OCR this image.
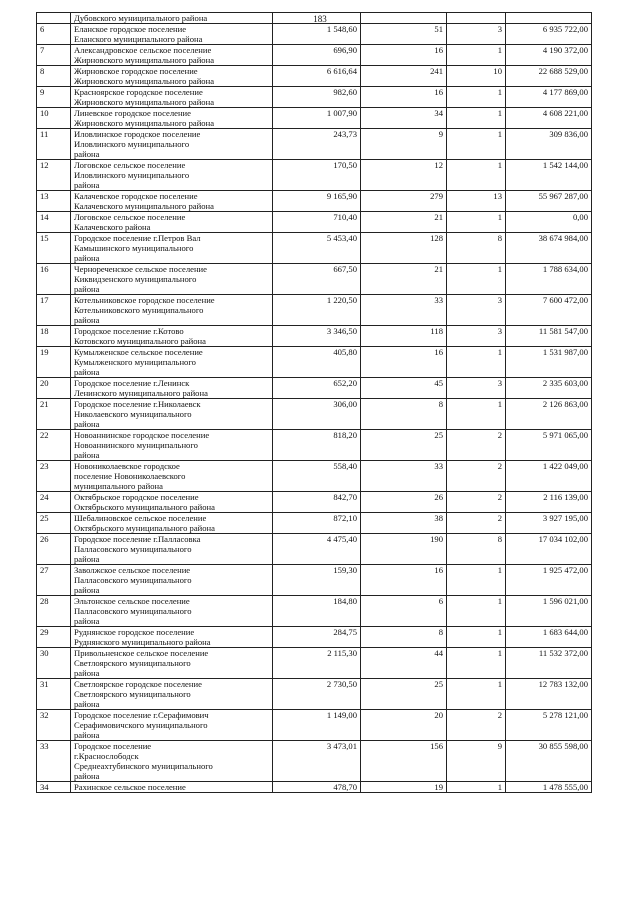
183
	Дубовского муниципального района				
6	Еланское городское поселение
Еланского муниципального района	1 548,60	51	3	6 935 722,00
7	Александровское сельское поселение
Жирновского муниципального района	696,90	16	1	4 190 372,00
8	Жирновское городское поселение
Жирновского муниципального района	6 616,64	241	10	22 688 529,00
9	Красноярское городское поселение
Жирновского муниципального района	982,60	16	1	4 177 869,00
10	Линевское городское поселение
Жирновского муниципального района	1 007,90	34	1	4 608 221,00
11	Иловлинское городское поселение
Иловлинского муниципального
района	243,73	9	1	309 836,00
12	Логовское сельское поселение
Иловлинского муниципального
района	170,50	12	1	1 542 144,00
13	Калачевское городское поселение
Калачевского муниципального района	9 165,90	279	13	55 967 287,00
14	Логовское сельское поселение
Калачевского района	710,40	21	1	0,00
15	Городское поселение г.Петров Вал
Камышинского муниципального
района	5 453,40	128	8	38 674 984,00
16	Чернореченское сельское поселение
Киквидзенского муниципального
района	667,50	21	1	1 788 634,00
17	Котельниковское городское поселение
Котельниковского муниципального
района	1 220,50	33	3	7 600 472,00
18	Городское поселение г.Котово
Котовского муниципального района	3 346,50	118	3	11 581 547,00
19	Кумылженское сельское поселение
Кумылженского муниципального
района	405,80	16	1	1 531 987,00
20	Городское поселение г.Ленинск
Ленинского муниципального района	652,20	45	3	2 335 603,00
21	Городское поселение г.Николаевск
Николаевского муниципального
района	306,00	8	1	2 126 863,00
22	Новоаннинское городское поселение
Новоаннинского муниципального
района	818,20	25	2	5 971 065,00
23	Новониколаевское городское
поселение Новониколаевского
муниципального района	558,40	33	2	1 422 049,00
24	Октябрьское городское поселение
Октябрьского муниципального района	842,70	26	2	2 116 139,00
25	Шебалиновское сельское поселение
Октябрьского муниципального района	872,10	38	2	3 927 195,00
26	Городское поселение г.Палласовка
Палласовского муниципального
района	4 475,40	190	8	17 034 102,00
27	Заволжское сельское поселение
Палласовского муниципального
района	159,30	16	1	1 925 472,00
28	Эльтонское сельское поселение
Палласовского муниципального
района	184,80	6	1	1 596 021,00
29	Руднянское городское поселение
Руднянского муниципального района	284,75	8	1	1 683 644,00
30	Привольненское сельское поселение
Светлоярского муниципального
района	2 115,30	44	1	11 532 372,00
31	Светлоярское городское поселение
Светлоярского муниципального
района	2 730,50	25	1	12 783 132,00
32	Городское поселение г.Серафимович
Серафимовичского муниципального
района	1 149,00	20	2	5 278 121,00
33	Городское поселение
г.Краснослободск
Среднеахтубинского муниципального
района	3 473,01	156	9	30 855 598,00
34	Рахинское сельское поселение	478,70	19	1	1 478 555,00
